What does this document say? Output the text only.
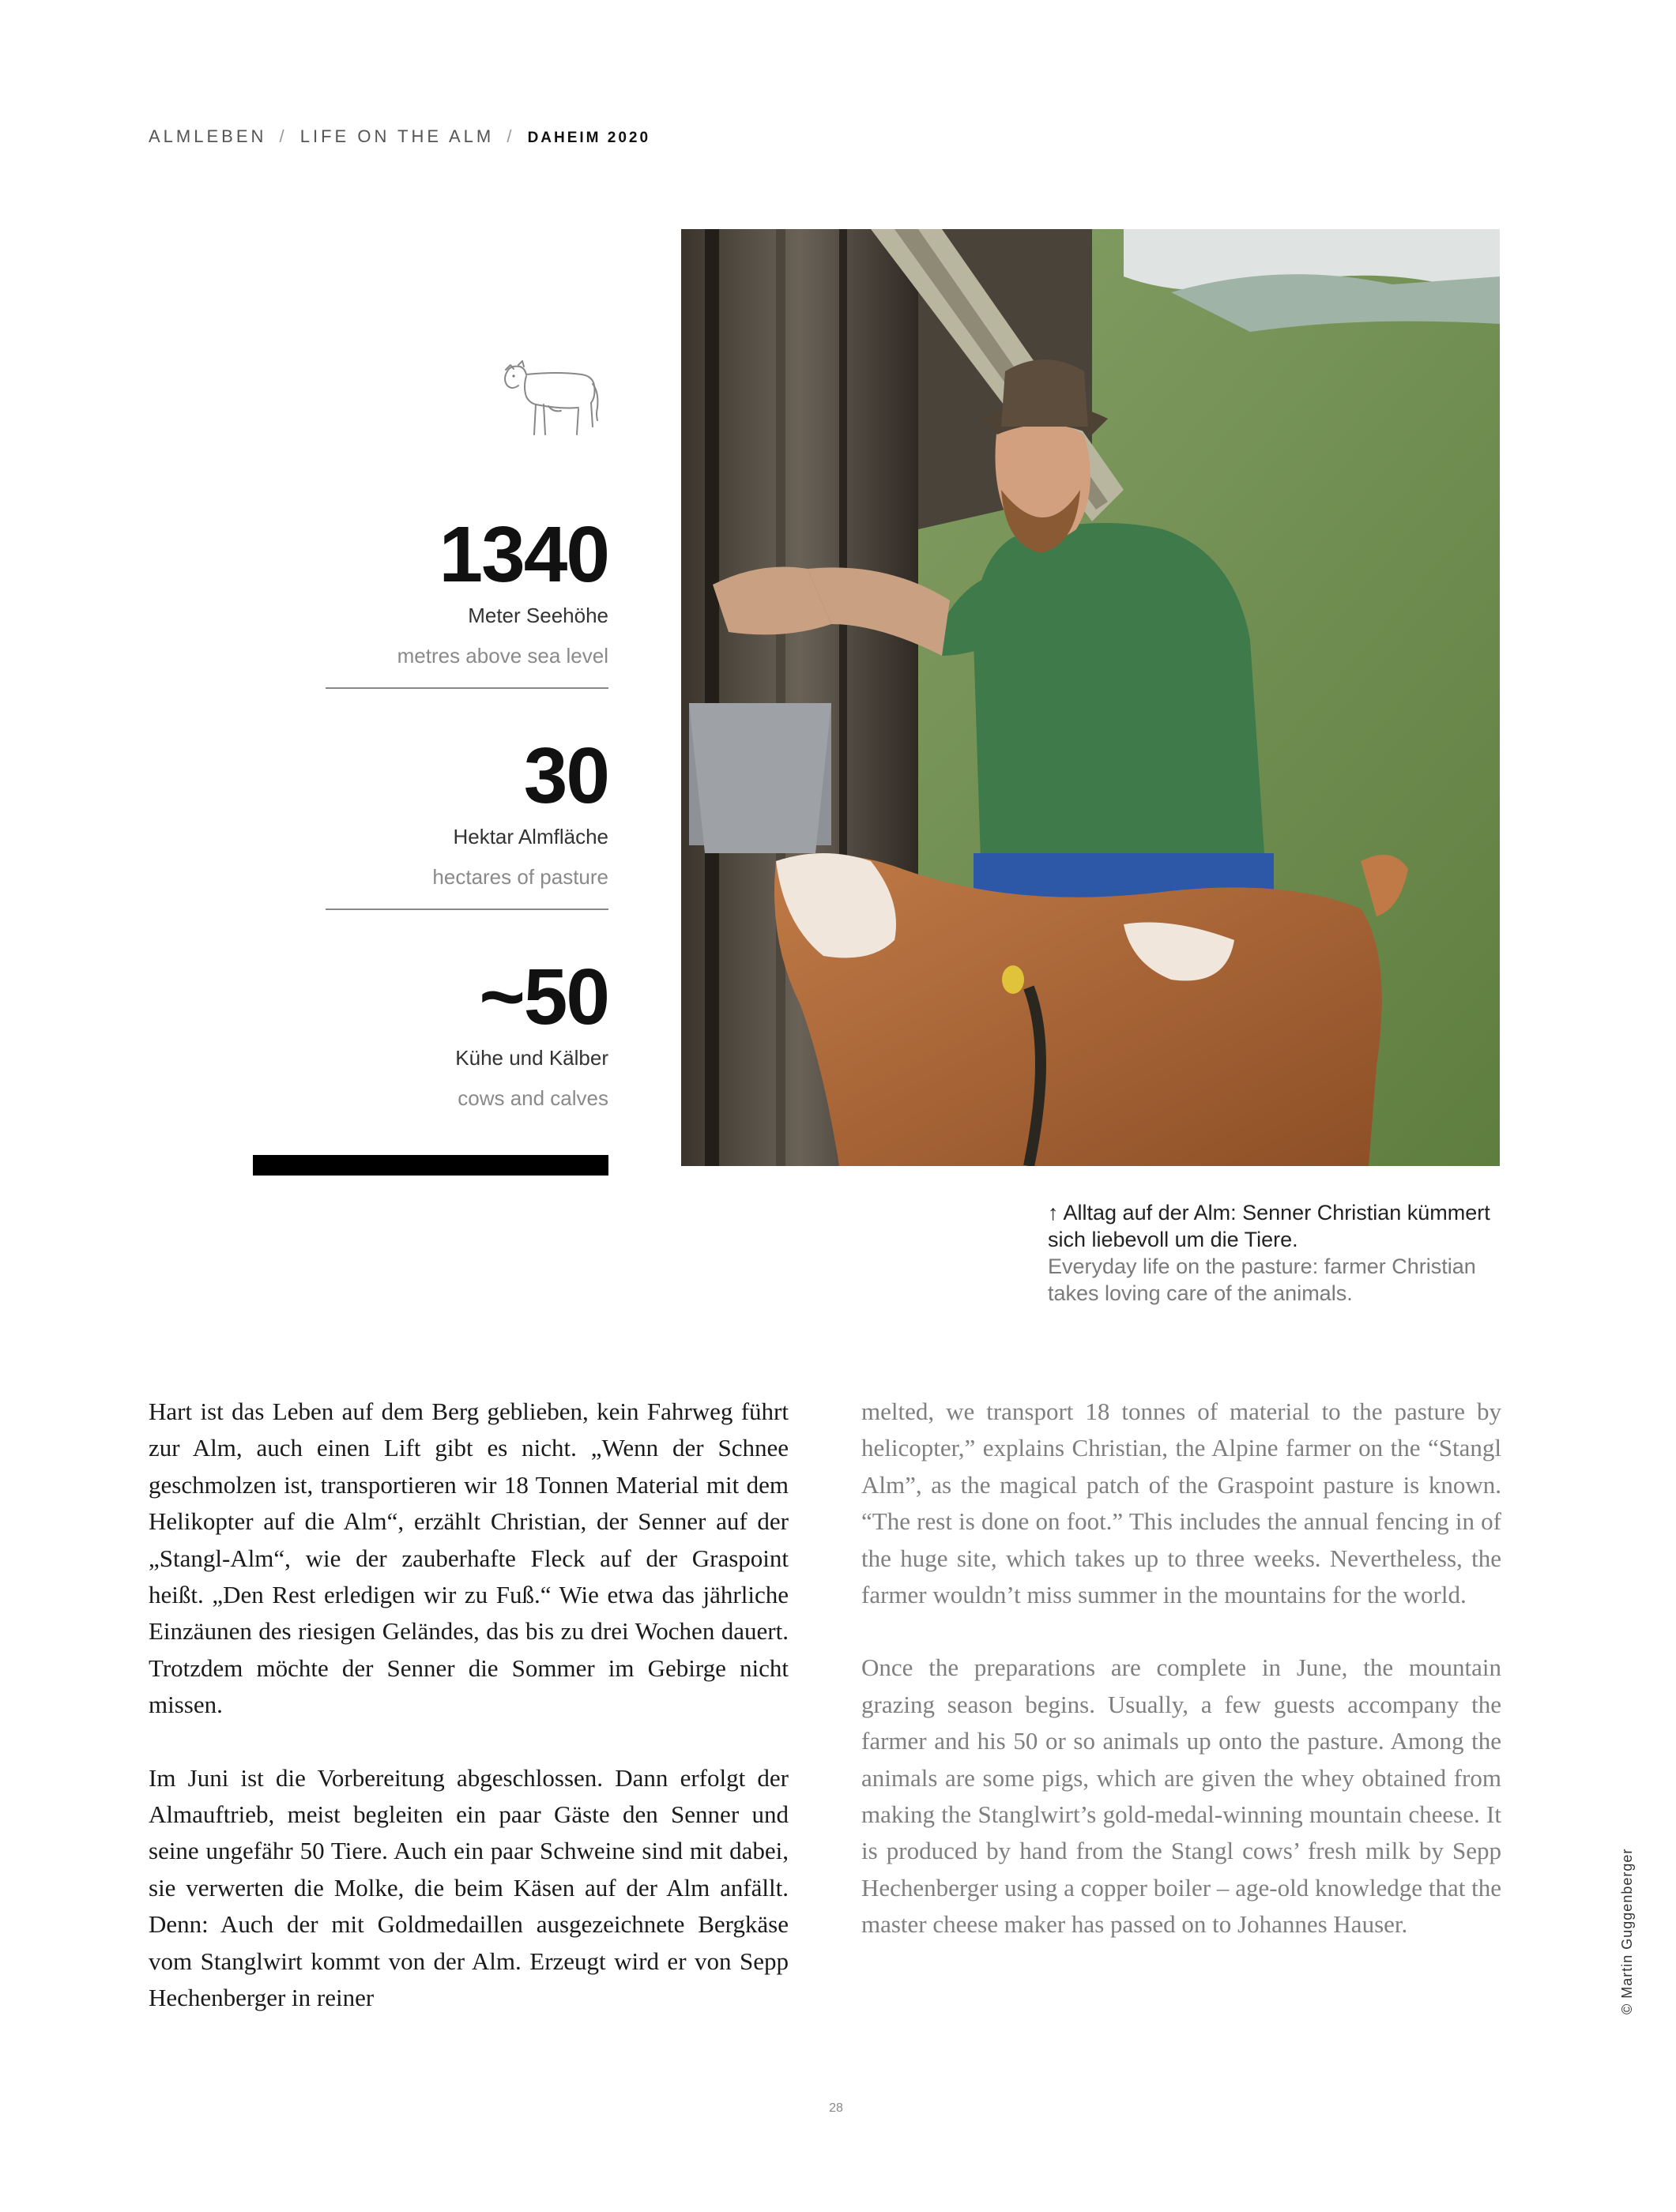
ALMLEBEN / LIFE ON THE ALM / DAHEIM 2020
1340
Meter Seehöhe
metres above sea level
30
Hektar Almfläche
hectares of pasture
~50
Kühe und Kälber
cows and calves
↑ Alltag auf der Alm: Senner Christian kümmert sich liebevoll um die Tiere.
Everyday life on the pasture: farmer Christian takes loving care of the animals.

Hart ist das Leben auf dem Berg geblieben, kein Fahrweg führt zur Alm, auch einen Lift gibt es nicht. „Wenn der Schnee geschmolzen ist, transportieren wir 18 Tonnen Material mit dem Helikopter auf die Alm“, erzählt Christian, der Senner auf der „Stangl-Alm“, wie der zauberhafte Fleck auf der Graspoint heißt. „Den Rest erledigen wir zu Fuß.“ Wie etwa das jährliche Einzäunen des riesigen Geländes, das bis zu drei Wochen dauert. Trotzdem möchte der Senner die Sommer im Gebirge nicht missen.

Im Juni ist die Vorbereitung abgeschlossen. Dann erfolgt der Almauftrieb, meist begleiten ein paar Gäste den Senner und seine ungefähr 50 Tiere. Auch ein paar Schweine sind mit dabei, sie verwerten die Molke, die beim Käsen auf der Alm anfällt. Denn: Auch der mit Goldmedaillen ausgezeichnete Bergkäse vom Stanglwirt kommt von der Alm. Erzeugt wird er von Sepp Hechenberger in reiner

melted, we transport 18 tonnes of material to the pasture by helicopter,” explains Christian, the Alpine farmer on the “Stangl Alm”, as the magical patch of the Graspoint pasture is known. “The rest is done on foot.” This includes the annual fencing in of the huge site, which takes up to three weeks. Nevertheless, the farmer wouldn’t miss summer in the mountains for the world.

Once the preparations are complete in June, the mountain grazing season begins. Usually, a few guests accompany the farmer and his 50 or so animals up onto the pasture. Among the animals are some pigs, which are given the whey obtained from making the Stanglwirt’s gold-medal-winning mountain cheese. It is produced by hand from the Stangl cows’ fresh milk by Sepp Hechenberger using a copper boiler – age-old knowledge that the master cheese maker has passed on to Johannes Hauser.	© Martin Guggenberger
28
